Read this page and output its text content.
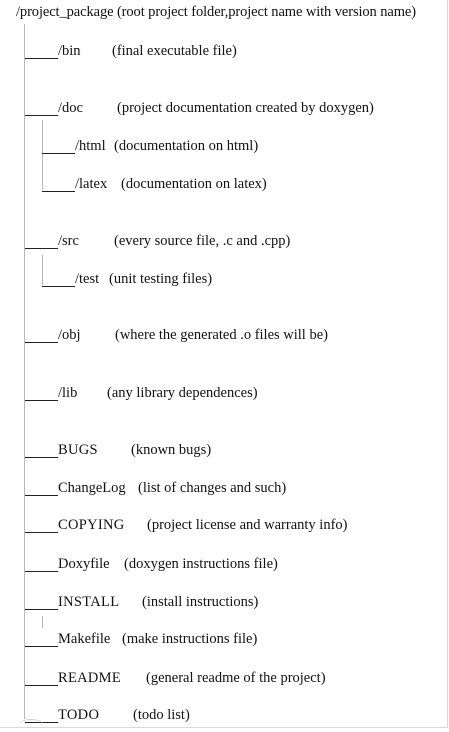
/project_package (root project folder,project name with version name)
/bin (final executable file)
/doc (project documentation created by doxygen)
/html (documentation on html)
/latex (documentation on latex)
/src (every source file, .c and .cpp)
/test (unit testing files)
/obj (where the generated .o files will be)
/lib (any library dependences)
BUGS (known bugs)
ChangeLog (list of changes and such)
COPYING (project license and warranty info)
Doxyfile (doxygen instructions file)
INSTALL (install instructions)
Makefile (make instructions file)
README (general readme of the project)
TODO (todo list)
